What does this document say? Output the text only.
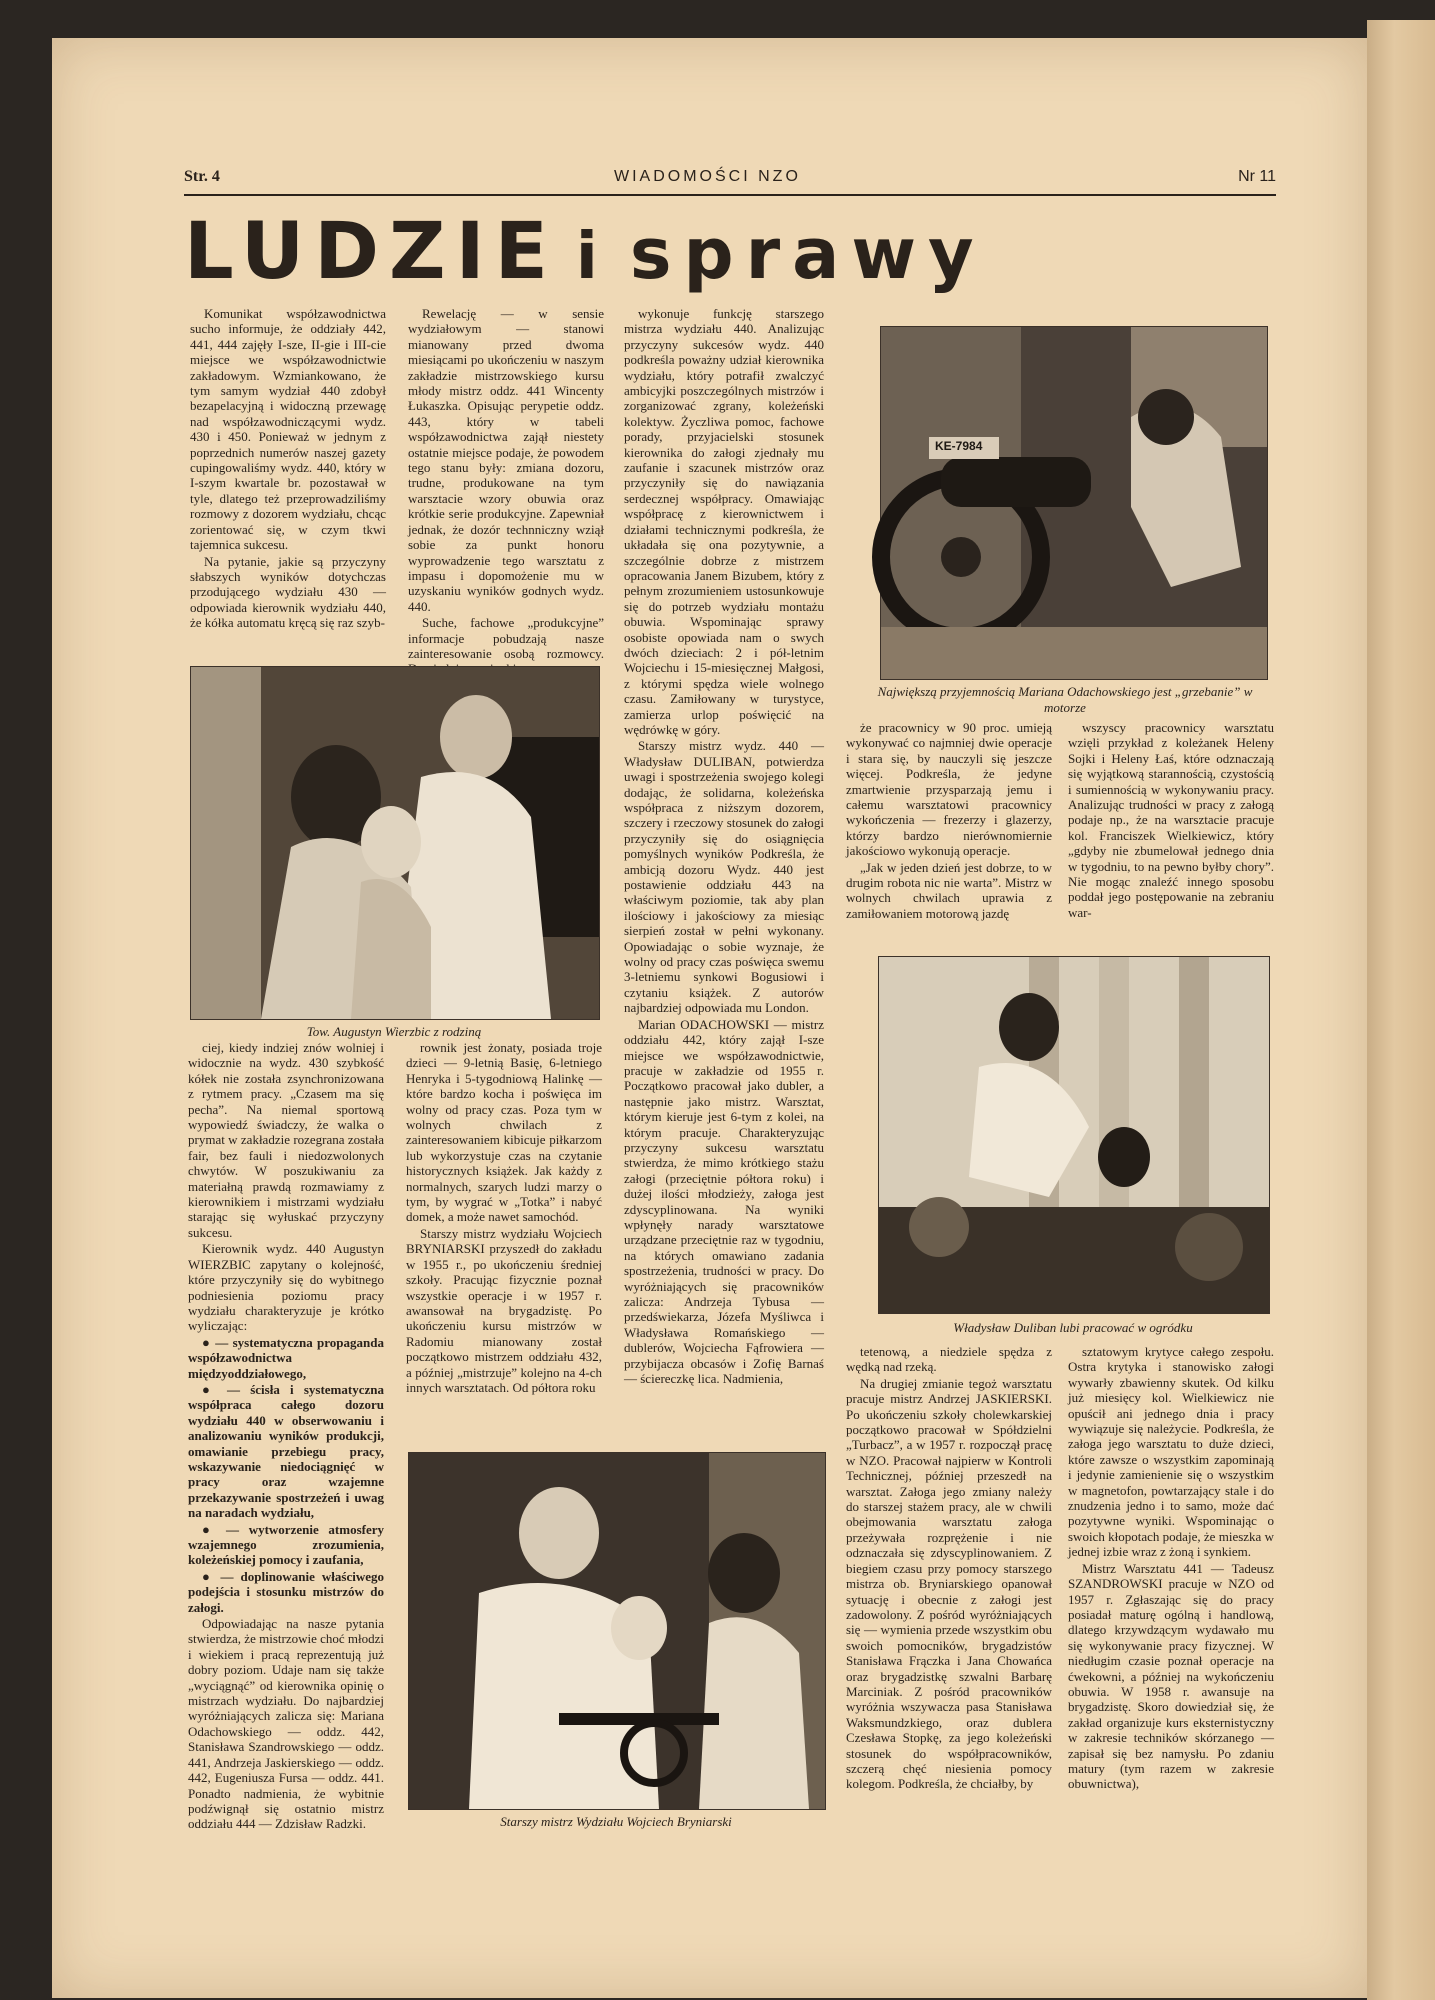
Str. 4	WIADOMOŚCI NZO	Nr 11
LUDZIE i sprawy

Komunikat współzawodnictwa sucho informuje, że oddziały 442, 441, 444 zajęły I-sze, II-gie i III-cie miejsce we współzawodnictwie zakładowym. Wzmiankowano, że tym samym wydział 440 zdobył bezapelacyjną i widoczną przewagę nad współzawodniczącymi wydz. 430 i 450. Ponieważ w jednym z poprzednich numerów naszej gazety cupingowaliśmy wydz. 440, który w I-szym kwartale br. pozostawał w tyle, dlatego też przeprowadziliśmy rozmowy z dozorem wydziału, chcąc zorientować się, w czym tkwi tajemnica sukcesu.

Na pytanie, jakie są przyczyny słabszych wyników dotychczas przodującego wydziału 430 — odpowiada kierownik wydziału 440, że kółka automatu kręcą się raz szyb-

Rewelację — w sensie wydziałowym — stanowi mianowany przed dwoma miesiącami po ukończeniu w naszym zakładzie mistrzowskiego kursu młody mistrz oddz. 441 Wincenty Łukaszka. Opisując perypetie oddz. 443, który w tabeli współzawodnictwa zajął niestety ostatnie miejsce podaje, że powodem tego stanu były: zmiana dozoru, trudne, produkowane na tym warsztacie wzory obuwia oraz krótkie serie produkcyjne. Zapewniał jednak, że dozór technniczny wziął sobie za punkt honoru wyprowadzenie tego warsztatu z impasu i dopomożenie mu w uzyskaniu wyników godnych wydz. 440.

Suche, fachowe „produkcyjne” informacje pobudzają nasze zainteresowanie osobą rozmowcy.

wykonuje funkcję starszego mistrza wydziału 440. Analizując przyczyny sukcesów wydz. 440 podkreśla poważny udział kierownika wydziału, który potrafił zwalczyć ambicyjki poszczególnych mistrzów i zorganizować zgrany, koleżeński kolektyw. Życzliwa pomoc, fachowe porady, przyjacielski stosunek kierownika do załogi zjednały mu zaufanie i szacunek mistrzów oraz przyczyniły się do nawiązania serdecznej współpracy. Omawiając współpracę z kierownictwem i działami technicznymi podkreśla, że układała się ona pozytywnie, a szczególnie dobrze z mistrzem opracowania Janem Bizubem, który z pełnym zrozumieniem ustosunkowuje się do potrzeb wydziału montażu obuwia. Wspominając sprawy osobiste opowiada nam o swych dwóch dzieciach: 2 i pół-letnim Wojciechu i 15-miesięcznej Małgosi, z którymi spędza wiele wolnego czasu. Zamiłowany w turystyce, zamierza urlop poświęcić na wędrówkę w góry.

Starszy mistrz wydz. 440 — Władysław DULIBAN, potwierdza uwagi i spostrzeżenia swojego kolegi dodając, że solidarna, koleżeńska współpraca z niższym dozorem, szczery i rzeczowy stosunek do załogi przyczyniły się do osiągnięcia pomyślnych wyników Podkreśla, że ambicją dozoru Wydz. 440 jest postawienie oddziału 443 na właściwym poziomie, tak aby plan ilościowy i jakościowy za miesiąc sierpień został w pełni wykonany. Opowiadając o sobie wyznaje, że wolny od pracy czas poświęca swemu 3-letniemu synkowi Bogusiowi i czytaniu książek. Z autorów najbardziej odpowiada mu London.

Marian ODACHOWSKI — mistrz oddziału 442, który zajął I-sze miejsce we współzawodnictwie, pracuje w zakładzie od 1955 r. Początkowo pracował jako dubler, a następnie jako mistrz. Warsztat, którym kieruje jest 6-tym z kolei, na którym pracuje. Charakteryzując przyczyny sukcesu warsztatu stwierdza, że mimo krótkiego stażu załogi (przeciętnie półtora roku) i dużej ilości młodzieży, załoga jest zdyscyplinowana. Na wyniki wpłynęły narady warsztatowe urządzane przeciętnie raz w tygodniu, na których omawiano zadania spostrzeżenia, trudności w pracy. Do wyróżniających się pracowników zalicza: Andrzeja Tybusa — przedświekarza, Józefa Myśliwca i Władysława Romańskiego — dublerów, Wojciecha Fąfrowiera — przybijacza obcasów i Zofię Barnaś — ściereczkę lica. Nadmienia,

KE-7984
Największą przyjemnością Mariana Odachowskiego jest „grzebanie” w motorze
Tow. Augustyn Wierzbic z rodziną

że pracownicy w 90 proc. umieją wykonywać co najmniej dwie operacje i stara się, by nauczyli się jeszcze więcej. Podkreśla, że jedyne zmartwienie przysparzają jemu i całemu warsztatowi pracownicy wykończenia — frezerzy i glazerzy, którzy bardzo nierównomiernie jakościowo wykonują operacje.

„Jak w jeden dzień jest dobrze, to w drugim robota nic nie warta”. Mistrz w wolnych chwilach uprawia z zamiłowaniem motorową jazdę

wszyscy pracownicy warsztatu wzięli przykład z koleżanek Heleny Sojki i Heleny Łaś, które odznaczają się wyjątkową starannością, czystością i sumiennością w wykonywaniu pracy. Analizując trudności w pracy z załogą podaje np., że na warsztacie pracuje kol. Franciszek Wielkiewicz, który „gdyby nie zbumelował jednego dnia w tygodniu, to na pewno byłby chory”. Nie mogąc znaleźć innego sposobu poddał jego postępowanie na zebraniu war-

Władysław Duliban lubi pracować w ogródku

ciej, kiedy indziej znów wolniej i widocznie na wydz. 430 szybkość kółek nie została zsynchronizowana z rytmem pracy. „Czasem ma się pecha”. Na niemal sportową wypowiedź świadczy, że walka o prymat w zakładzie rozegrana została fair, bez fauli i niedozwolonych chwytów. W poszukiwaniu za materiałną prawdą rozmawiamy z kierownikiem i mistrzami wydziału starając się wyłuskać przyczyny sukcesu.

Kierownik wydz. 440 Augustyn WIERZBIC zapytany o kolejność, które przyczyniły się do wybitnego podniesienia poziomu pracy wydziału charakteryzuje je krótko wyliczając:

● — systematyczna propaganda współzawodnictwa międzyoddziałowego,

● — ścisła i systematyczna współpraca całego dozoru wydziału 440 w obserwowaniu i analizowaniu wyników produkcji, omawianie przebiegu pracy, wskazywanie niedociągnięć w pracy oraz wzajemne przekazywanie spostrzeżeń i uwag na naradach wydziału,

● — wytworzenie atmosfery wzajemnego zrozumienia, koleżeńskiej pomocy i zaufania,

● — doplinowanie właściwego podejścia i stosunku mistrzów do załogi.

Odpowiadając na nasze pytania stwierdza, że mistrzowie choć młodzi i wiekiem i pracą reprezentują już dobry poziom. Udaje nam się także „wyciągnąć” od kierownika opinię o mistrzach wydziału. Do najbardziej wyróżniających zalicza się: Mariana Odachowskiego — oddz. 442, Stanisława Szandrowskiego — oddz. 441, Andrzeja Jaskierskiego — oddz. 442, Eugeniusza Fursa — oddz. 441. Ponadto nadmienia, że wybitnie podźwignął się ostatnio mistrz oddziału 444 — Zdzisław Radzki.

rownik jest żonaty, posiada troje dzieci — 9-letnią Basię, 6-letniego Henryka i 5-tygodniową Halinkę — które bardzo kocha i poświęca im wolny od pracy czas. Poza tym w wolnych chwilach z zainteresowaniem kibicuje piłkarzom lub wykorzystuje czas na czytanie historycznych książek. Jak każdy z normalnych, szarych ludzi marzy o tym, by wygrać w „Totka” i nabyć domek, a może nawet samochód.

Starszy mistrz wydziału Wojciech BRYNIARSKI przyszedł do zakładu w 1955 r., po ukończeniu średniej szkoły. Pracując fizycznie poznał wszystkie operacje i w 1957 r. awansował na brygadzistę. Po ukończeniu kursu mistrzów w Radomiu mianowany został początkowo mistrzem oddziału 432, a później „mistrzuje” kolejno na 4-ch innych warsztatach. Od półtora roku

Starszy mistrz Wydziału Wojciech Bryniarski

tetenową, a niedziele spędza z wędką nad rzeką.

Na drugiej zmianie tegoż warsztatu pracuje mistrz Andrzej JASKIERSKI. Po ukończeniu szkoły cholewkarskiej początkowo pracował w Spółdzielni „Turbacz”, a w 1957 r. rozpoczął pracę w NZO. Pracował najpierw w Kontroli Technicznej, później przeszedł na warsztat. Załoga jego zmiany należy do starszej stażem pracy, ale w chwili obejmowania warsztatu załoga przeżywała rozprężenie i nie odznaczała się zdyscyplinowaniem. Z biegiem czasu przy pomocy starszego mistrza ob. Bryniarskiego opanował sytuację i obecnie z załogi jest zadowolony. Z pośród wyróżniających się — wymienia przede wszystkim obu swoich pomocników, brygadzistów Stanisława Frączka i Jana Chowańca oraz brygadzistkę szwalni Barbarę Marciniak. Z pośród pracowników wyróżnia wszywacza pasa Stanisława Waksmundzkiego, oraz dublera Czesława Stopkę, za jego koleżeński stosunek do współpracowników, szczerą chęć niesienia pomocy kolegom. Podkreśla, że chciałby, by

sztatowym krytyce całego zespołu. Ostra krytyka i stanowisko załogi wywarły zbawienny skutek. Od kilku już miesięcy kol. Wielkiewicz nie opuścił ani jednego dnia i pracy wywiązuje się należycie. Podkreśla, że załoga jego warsztatu to duże dzieci, które zawsze o wszystkim zapominają i jedynie zamienienie się o wszystkim w magnetofon, powtarzający stale i do znudzenia jedno i to samo, może dać pozytywne wyniki. Wspominając o swoich kłopotach podaje, że mieszka w jednej izbie wraz z żoną i synkiem.

Mistrz Warsztatu 441 — Tadeusz SZANDROWSKI pracuje w NZO od 1957 r. Zgłaszając się do pracy posiadał maturę ogólną i handlową, dlatego krzywdzącym wydawało mu się wykonywanie pracy fizycznej. W niedługim czasie poznał operacje na ćwekowni, a później na wykończeniu obuwia. W 1958 r. awansuje na brygadzistę. Skoro dowiedział się, że zakład organizuje kurs eksternistyczny w zakresie techników skórzanego — zapisał się bez namysłu. Po zdaniu matury (tym razem w zakresie obuwnictwa),
